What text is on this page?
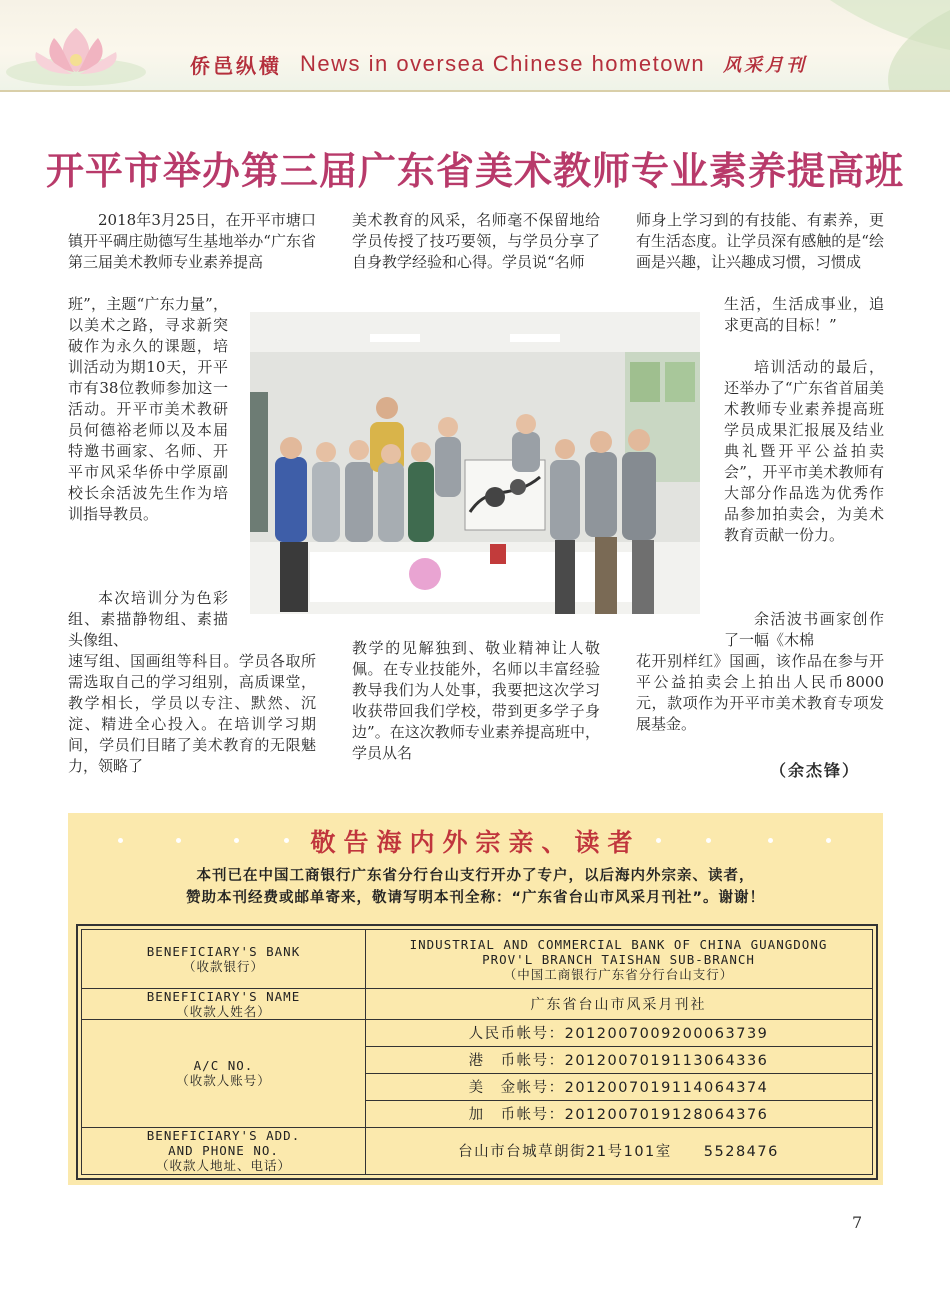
侨邑纵横 News in oversea Chinese hometown 风采月刊
开平市举办第三届广东省美术教师专业素养提高班

2018年3月25日，在开平市塘口镇开平碉庄勋德写生基地举办“广东省第三届美术教师专业素养提高

班”，主题“广东力量”，以美术之路，寻求新突破作为永久的课题，培训活动为期10天，开平市有38位教师参加这一活动。开平市美术教研员何德裕老师以及本届特邀书画家、名师、开平市风采华侨中学原副校长余活波先生作为培训指导教员。

本次培训分为色彩组、素描静物组、素描头像组、

速写组、国画组等科目。学员各取所需选取自己的学习组别，高质课堂，教学相长，学员以专注、默然、沉淀、精进全心投入。在培训学习期间，学员们目睹了美术教育的无限魅力，领略了

美术教育的风采，名师毫不保留地给学员传授了技巧要领，与学员分享了自身教学经验和心得。学员说“名师

教学的见解独到、敬业精神让人敬佩。在专业技能外，名师以丰富经验教导我们为人处事，我要把这次学习收获带回我们学校，带到更多学子身边”。在这次教师专业素养提高班中，学员从名

师身上学习到的有技能、有素养，更有生活态度。让学员深有感触的是“绘画是兴趣，让兴趣成习惯，习惯成

生活，生活成事业，追求更高的目标！”

培训活动的最后，还举办了“广东省首届美术教师专业素养提高班学员成果汇报展及结业典礼暨开平公益拍卖会”，开平市美术教师有大部分作品选为优秀作品参加拍卖会，为美术教育贡献一份力。

余活波书画家创作了一幅《木棉

花开别样红》国画，该作品在参与开平公益拍卖会上拍出人民币8000元，款项作为开平市美术教育专项发展基金。

（余杰锋）
敬告海内外宗亲、读者
本刊已在中国工商银行广东省分行台山支行开办了专户，以后海内外宗亲、读者，
赞助本刊经费或邮单寄来，敬请写明本刊全称：“广东省台山市风采月刊社”。谢谢！
BENEFICIARY'S BANK
（收款银行）
INDUSTRIAL AND COMMERCIAL BANK OF CHINA GUANGDONG
PROV'L BRANCH TAISHAN SUB-BRANCH
（中国工商银行广东省分行台山支行）
BENEFICIARY'S NAME
（收款人姓名）	广东省台山市风采月刊社
A/C NO.
（收款人账号）
人民币帐号：2012007009200063739
港　币帐号：2012007019113064336
美　金帐号：2012007019114064374
加　币帐号：2012007019128064376
BENEFICIARY'S ADD.
AND PHONE NO.
（收款人地址、电话）
台山市台城草朗街21号101室　　5528476
7
